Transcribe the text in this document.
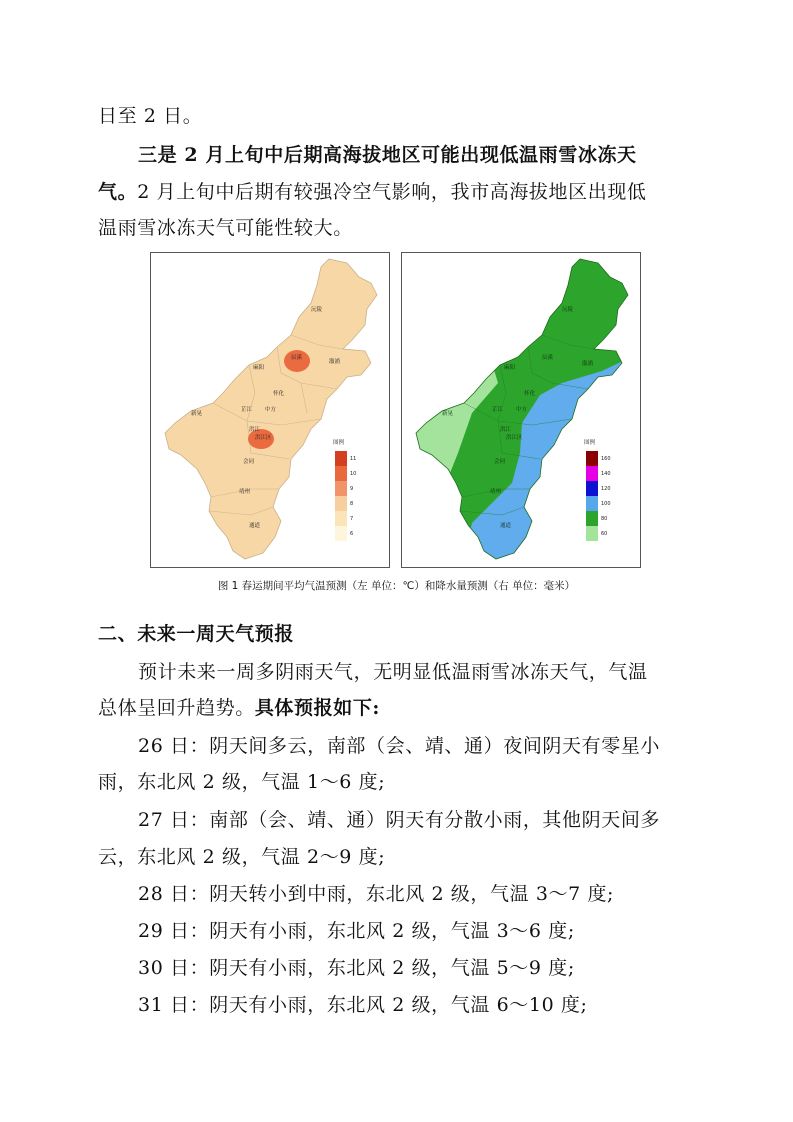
日至 2 日。
三是 2 月上旬中后期高海拔地区可能出现低温雨雪冰冻天
气。2 月上旬中后期有较强冷空气影响，我市高海拔地区出现低
温雨雪冰冻天气可能性较大。
沅陵
辰溪
溆浦
麻阳
怀化
芷江 中方
新晃
洪江
洪江区
会同
靖州
通道
图例
11
10
9
8
7
6
沅陵
辰溪
溆浦
麻阳
怀化
芷江 中方
新晃
洪江
洪江区
会同
靖州
通道
图例
160
140
120
100
80
60
图 1 春运期间平均气温预测（左 单位：℃）和降水量预测（右 单位：毫米）
二、未来一周天气预报
预计未来一周多阴雨天气，无明显低温雨雪冰冻天气，气温
总体呈回升趋势。具体预报如下:
26 日：阴天间多云，南部（会、靖、通）夜间阴天有零星小
雨，东北风 2 级，气温 1～6 度;
27 日：南部（会、靖、通）阴天有分散小雨，其他阴天间多
云，东北风 2 级，气温 2～9 度;
28 日：阴天转小到中雨，东北风 2 级，气温 3～7 度;
29 日：阴天有小雨，东北风 2 级，气温 3～6 度;
30 日：阴天有小雨，东北风 2 级，气温 5～9 度;
31 日：阴天有小雨，东北风 2 级，气温 6～10 度;
